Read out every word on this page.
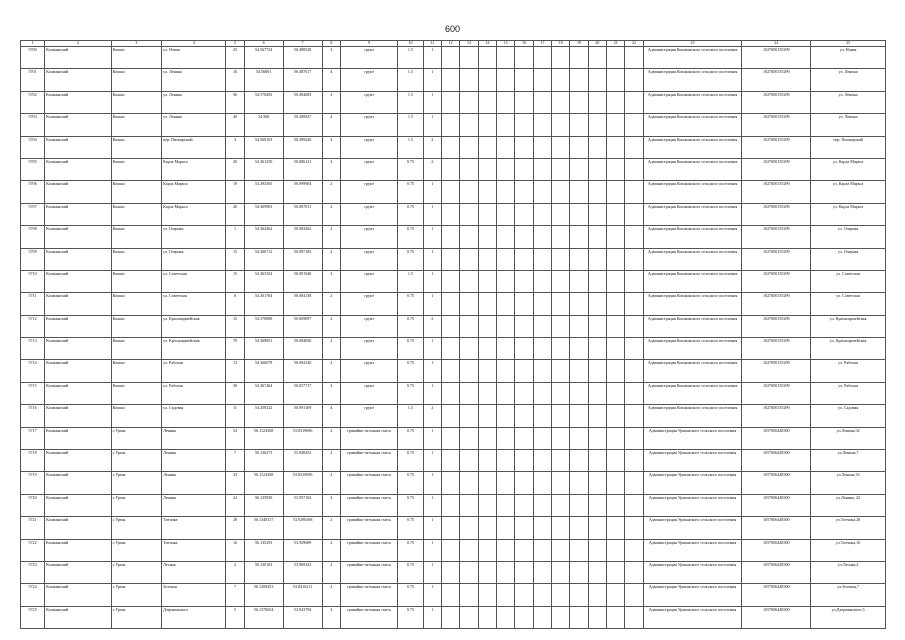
600
1	2	3	4	5	6	7	8	9	10	11	12	13	14	15	16	17	18	19	20	21	22	23	24	25
5700	Кошкинский	Кошки	ул. Новая	25	54.567734	50.498528	4	грунт	1.5	1												Администрация Кошкинского сельского поселения	1027000155299	ул. Новая
5701	Кошкинский	Кошки	ул. Ленина	16	54.56801	50.487617	4	грунт	1.5	1												Администрация Кошкинского сельского поселения	1027000155299	ул. Ленина
5702	Кошкинский	Кошки	ул. Ленина	56	54.570492	50.494683	4	грунт	1.5	1												Администрация Кошкинского сельского поселения	1027000155299	ул. Ленина
5703	Кошкинский	Кошки	ул. Ленина	40	54.568	50.490847	4	грунт	1.5	1												Администрация Кошкинского сельского поселения	1027000155299	ул. Ленина
5704	Кошкинский	Кошки	пер. Пионерский	3	54.569103	50.499226	4	грунт	1.5	2												Администрация Кошкинского сельского поселения	1027000155299	пер. Пионерский
5705	Кошкинский	Кошки	Карла Маркса	20	54.361250	50.086121	2	грунт	0.75	2												Администрация Кошкинского сельского поселения	1027000155299	ул. Карла Маркса
5706	Кошкинский	Кошки	Карла Маркса	19	54.393365	50.099904	2	грунт	0.75	1												Администрация Кошкинского сельского поселения	1027000155299	ул. Карла Маркса
5707	Кошкинский	Кошки	Карла Маркса	26	54.369963	50.087811	2	грунт	0.75	1												Администрация Кошкинского сельского поселения	1027000155299	ул. Карла Маркса
5708	Кошкинский	Кошки	ул. Озерная	1	54.362462	50.083262	2	грунт	0.75	1												Администрация Кошкинского сельского поселения	1027000155299	ул. Озерная
5709	Кошкинский	Кошки	ул. Озерная	15	54.366712	50.087183	2	грунт	0.75	1												Администрация Кошкинского сельского поселения	1027000155299	ул. Озерная
5710	Кошкинский	Кошки	ул. Советская	15	54.363354	50.081940	4	грунт	1.5	1												Администрация Кошкинского сельского поселения	1027000155299	ул. Советская
5711	Кошкинский	Кошки	ул. Советская	6	54.361764	50.084138	2	грунт	0.75	1												Администрация Кошкинского сельского поселения	1027000155299	ул. Советская
5712	Кошкинский	Кошки	ул. Красноармейская	15	54.370689	50.069097	2	грунт	0.75	2												Администрация Кошкинского сельского поселения	1027000155299	ул. Красноармейская
5713	Кошкинский	Кошки	ул. Красноармейская	70	54.369851	50.084056	2	грунт	0.75	1												Администрация Кошкинского сельского поселения	1027000155299	ул. Красноармейская
5714	Кошкинский	Кошки	ул. Рабочая	13	54.366078	50.094140	2	грунт	0.75	1												Администрация Кошкинского сельского поселения	1027000155299	ул. Рабочая
5715	Кошкинский	Кошки	ул. Рабочая	30	54.367464	50.057717	2	грунт	0.75	1												Администрация Кошкинского сельского поселения	1027000155299	ул. Рабочая
5716	Кошкинский	Кошки	ул. Садовая	11	54.358122	50.091109	4	грунт	1.5	2												Администрация Кошкинского сельского поселения	1027000155299	ул. Садовая
5717	Кошкинский	с.Урмы	Ленина	54	56.1124368	53.8319696	2	гравийно-песчаная смесь	0.75	1												Администрация Урмынского сельского поселения	1057006448300	ул.Ленина,54
5718	Кошкинский	с.Урмы	Ленина	7	56.136273	53.940452	2	гравийно-песчаная смесь	0.75	1												Администрация Урмынского сельского поселения	1057006448300	ул.Ленина,7
5719	Кошкинский	с.Урмы	Ленина	33	56.1124368	53.8319696	2	гравийно-песчаная смесь	0.75	1												Администрация Урмынского сельского поселения	1057006448300	ул.Ленина,33
5720	Кошкинский	с.Урмы	Ленина	22	56.135939	53.957104	2	гравийно-песчаная смесь	0.75	1												Администрация Урмынского сельского поселения	1057006448300	ул.Ленина, 22
5721	Кошкинский	с.Урмы	Титчика	28	56.1340317	53.9290368	2	гравийно-песчаная смесь	0.75	1												Администрация Урмынского сельского поселения	1057006448300	ул.Титчика,28
5722	Кошкинский	с.Урмы	Титчика	16	56.135293	53.929689	2	гравийно-песчаная смесь	0.75	1												Администрация Урмынского сельского поселения	1057006448300	ул.Титчика,16
5723	Кошкинский	с.Урмы	Лесная	2	56.130163	53.969343	2	гравийно-песчаная смесь	0.75	1												Администрация Урмынского сельского поселения	1057006448300	ул.Лесная,2
5724	Кошкинский	с.Урмы	Зеленая	7	56.1209453	53.8416211	2	гравийно-песчаная смесь	0.75	1												Администрация Урмынского сельского поселения	1057006448300	ул.Зеленая,7
5725	Кошкинский	с.Урмы	Дзержинского	5	56.1370654	53.943794	2	гравийно-песчаная смесь	0.75	1												Администрация Урмынского сельского поселения	1057006448300	ул.Дзержинского,5
